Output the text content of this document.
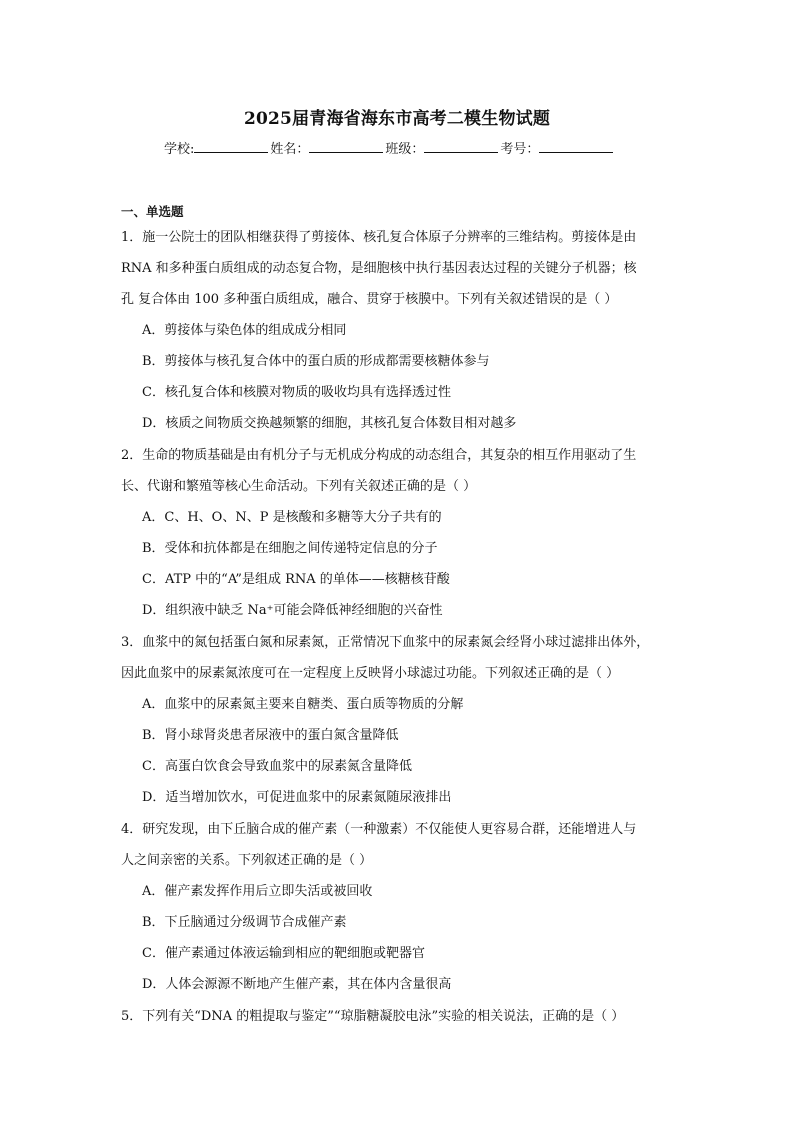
2025届青海省海东市高考二模生物试题
学校:	姓名：	班级：	考号：
一、单选题
1．施一公院士的团队相继获得了剪接体、核孔复合体原子分辨率的三维结构。剪接体是由
RNA 和多种蛋白质组成的动态复合物，是细胞核中执行基因表达过程的关键分子机器；核
孔 复合体由 100 多种蛋白质组成，融合、贯穿于核膜中。下列有关叙述错误的是（ ）
A．剪接体与染色体的组成成分相同
B．剪接体与核孔复合体中的蛋白质的形成都需要核糖体参与
C．核孔复合体和核膜对物质的吸收均具有选择透过性
D．核质之间物质交换越频繁的细胞，其核孔复合体数目相对越多
2．生命的物质基础是由有机分子与无机成分构成的动态组合，其复杂的相互作用驱动了生
长、代谢和繁殖等核心生命活动。下列有关叙述正确的是（ ）
A．C、H、O、N、P 是核酸和多糖等大分子共有的
B．受体和抗体都是在细胞之间传递特定信息的分子
C．ATP 中的“A”是组成 RNA 的单体——核糖核苷酸
D．组织液中缺乏 Na⁺可能会降低神经细胞的兴奋性
3．血浆中的氮包括蛋白氮和尿素氮，正常情况下血浆中的尿素氮会经肾小球过滤排出体外，
因此血浆中的尿素氮浓度可在一定程度上反映肾小球滤过功能。下列叙述正确的是（ ）
A．血浆中的尿素氮主要来自糖类、蛋白质等物质的分解
B．肾小球肾炎患者尿液中的蛋白氮含量降低
C．高蛋白饮食会导致血浆中的尿素氮含量降低
D．适当增加饮水，可促进血浆中的尿素氮随尿液排出
4．研究发现，由下丘脑合成的催产素（一种激素）不仅能使人更容易合群，还能增进人与
人之间亲密的关系。下列叙述正确的是（ ）
A．催产素发挥作用后立即失活或被回收
B．下丘脑通过分级调节合成催产素
C．催产素通过体液运输到相应的靶细胞或靶器官
D．人体会源源不断地产生催产素，其在体内含量很高
5．下列有关“DNA 的粗提取与鉴定”“琼脂糖凝胶电泳”实验的相关说法，正确的是（ ）
